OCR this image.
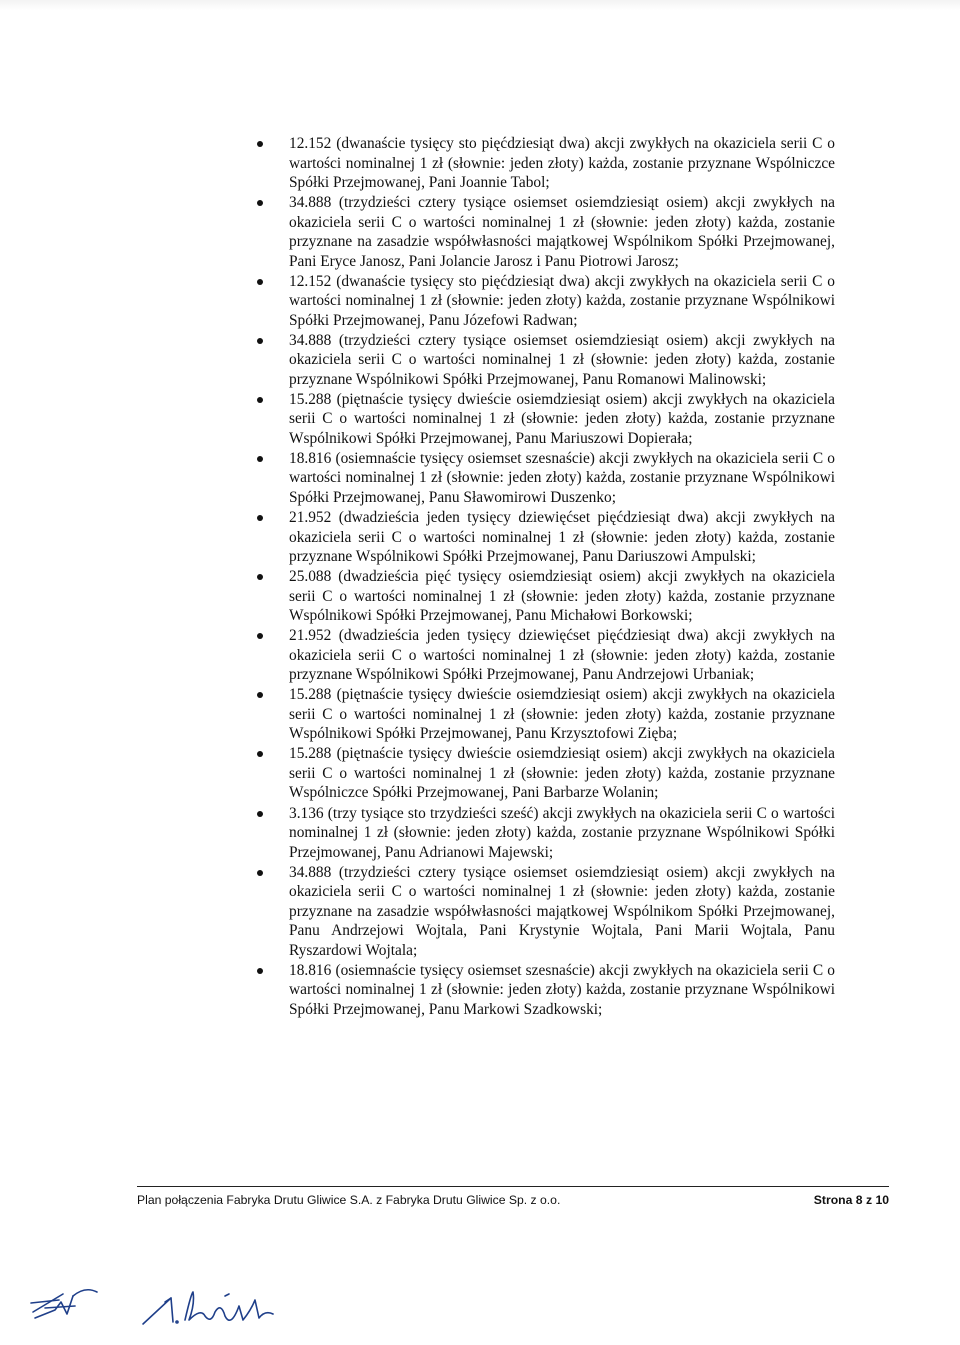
12.152 (dwanaście tysięcy sto pięćdziesiąt dwa) akcji zwykłych na okaziciela serii C o wartości nominalnej 1 zł (słownie: jeden złoty) każda, zostanie przyznane Wspólniczce Spółki Przejmowanej, Pani Joannie Tabol;
34.888 (trzydzieści cztery tysiące osiemset osiemdziesiąt osiem) akcji zwykłych na okaziciela serii C o wartości nominalnej 1 zł (słownie: jeden złoty) każda, zostanie przyznane na zasadzie współwłasności majątkowej Wspólnikom Spółki Przejmowanej, Pani Eryce Janosz, Pani Jolancie Jarosz i Panu Piotrowi Jarosz;
12.152 (dwanaście tysięcy sto pięćdziesiąt dwa) akcji zwykłych na okaziciela serii C o wartości nominalnej 1 zł (słownie: jeden złoty) każda, zostanie przyznane Wspólnikowi Spółki Przejmowanej, Panu Józefowi Radwan;
34.888 (trzydzieści cztery tysiące osiemset osiemdziesiąt osiem) akcji zwykłych na okaziciela serii C o wartości nominalnej 1 zł (słownie: jeden złoty) każda, zostanie przyznane Wspólnikowi Spółki Przejmowanej, Panu Romanowi Malinowski;
15.288 (piętnaście tysięcy dwieście osiemdziesiąt osiem) akcji zwykłych na okaziciela serii C o wartości nominalnej 1 zł (słownie: jeden złoty) każda, zostanie przyznane Wspólnikowi Spółki Przejmowanej, Panu Mariuszowi Dopierała;
18.816 (osiemnaście tysięcy osiemset szesnaście) akcji zwykłych na okaziciela serii C o wartości nominalnej 1 zł (słownie: jeden złoty) każda, zostanie przyznane Wspólnikowi Spółki Przejmowanej, Panu Sławomirowi Duszenko;
21.952 (dwadzieścia jeden tysięcy dziewięćset pięćdziesiąt dwa) akcji zwykłych na okaziciela serii C o wartości nominalnej 1 zł (słownie: jeden złoty) każda, zostanie przyznane Wspólnikowi Spółki Przejmowanej, Panu Dariuszowi Ampulski;
25.088 (dwadzieścia pięć tysięcy osiemdziesiąt osiem) akcji zwykłych na okaziciela serii C o wartości nominalnej 1 zł (słownie: jeden złoty) każda, zostanie przyznane Wspólnikowi Spółki Przejmowanej, Panu Michałowi Borkowski;
21.952 (dwadzieścia jeden tysięcy dziewięćset pięćdziesiąt dwa) akcji zwykłych na okaziciela serii C o wartości nominalnej 1 zł (słownie: jeden złoty) każda, zostanie przyznane Wspólnikowi Spółki Przejmowanej, Panu Andrzejowi Urbaniak;
15.288 (piętnaście tysięcy dwieście osiemdziesiąt osiem) akcji zwykłych na okaziciela serii C o wartości nominalnej 1 zł (słownie: jeden złoty) każda, zostanie przyznane Wspólnikowi Spółki Przejmowanej, Panu Krzysztofowi Zięba;
15.288 (piętnaście tysięcy dwieście osiemdziesiąt osiem) akcji zwykłych na okaziciela serii C o wartości nominalnej 1 zł (słownie: jeden złoty) każda, zostanie przyznane Wspólniczce Spółki Przejmowanej, Pani Barbarze Wolanin;
3.136 (trzy tysiące sto trzydzieści sześć) akcji zwykłych na okaziciela serii C o wartości nominalnej 1 zł (słownie: jeden złoty) każda, zostanie przyznane Wspólnikowi Spółki Przejmowanej, Panu Adrianowi Majewski;
34.888 (trzydzieści cztery tysiące osiemset osiemdziesiąt osiem) akcji zwykłych na okaziciela serii C o wartości nominalnej 1 zł (słownie: jeden złoty) każda, zostanie przyznane na zasadzie współwłasności majątkowej Wspólnikom Spółki Przejmowanej, Panu Andrzejowi Wojtala, Pani Krystynie Wojtala, Pani Marii Wojtala, Panu Ryszardowi Wojtala;
18.816 (osiemnaście tysięcy osiemset szesnaście) akcji zwykłych na okaziciela serii C o wartości nominalnej 1 zł (słownie: jeden złoty) każda, zostanie przyznane Wspólnikowi Spółki Przejmowanej, Panu Markowi Szadkowski;
Plan połączenia Fabryka Drutu Gliwice S.A. z Fabryka Drutu Gliwice Sp. z o.o.	Strona 8 z 10
